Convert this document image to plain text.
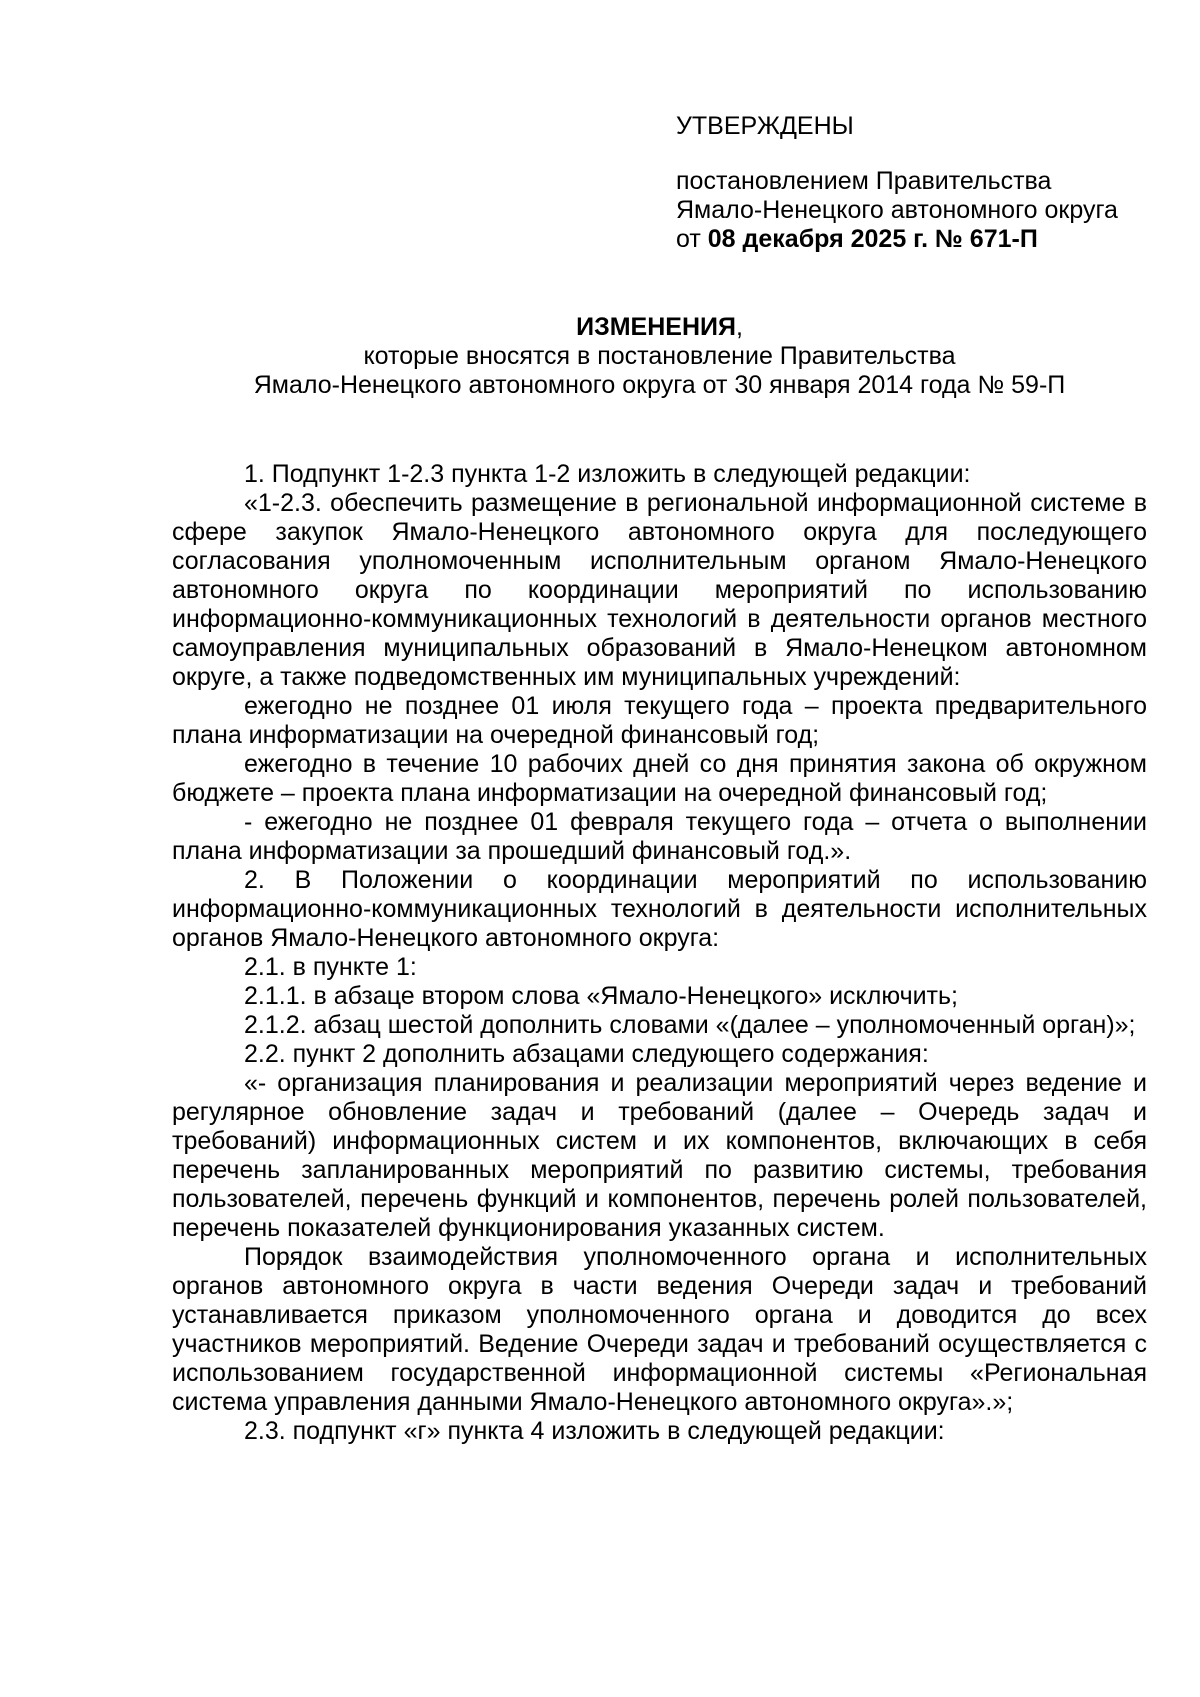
УТВЕРЖДЕНЫ
постановлением Правительства
Ямало-Ненецкого автономного округа
от 08 декабря 2025 г. № 671-П
ИЗМЕНЕНИЯ,
которые вносятся в постановление Правительства
Ямало-Ненецкого автономного округа от 30 января 2014 года № 59-П

1. Подпункт 1-2.3 пункта 1-2 изложить в следующей редакции:

«1-2.3. обеспечить размещение в региональной информационной системе в сфере закупок Ямало-Ненецкого автономного округа для последующего согласования уполномоченным исполнительным органом Ямало-Ненецкого автономного округа по координации мероприятий по использованию информационно-коммуникационных технологий в деятельности органов местного самоуправления муниципальных образований в Ямало-Ненецком автономном округе, а также подведомственных им муниципальных учреждений:

ежегодно не позднее 01 июля текущего года – проекта предварительного плана информатизации на очередной финансовый год;

ежегодно в течение 10 рабочих дней со дня принятия закона об окружном бюджете – проекта плана информатизации на очередной финансовый год;

- ежегодно не позднее 01 февраля текущего года – отчета о выполнении плана информатизации за прошедший финансовый год.».

2. В Положении о координации мероприятий по использованию информационно-коммуникационных технологий в деятельности исполнительных органов Ямало-Ненецкого автономного округа:

2.1. в пункте 1:

2.1.1. в абзаце втором слова «Ямало-Ненецкого» исключить;

2.1.2. абзац шестой дополнить словами «(далее – уполномоченный орган)»;

2.2. пункт 2 дополнить абзацами следующего содержания:

«- организация планирования и реализации мероприятий через ведение и регулярное обновление задач и требований (далее – Очередь задач и требований) информационных систем и их компонентов, включающих в себя перечень запланированных мероприятий по развитию системы, требования пользователей, перечень функций и компонентов, перечень ролей пользователей, перечень показателей функционирования указанных систем.

Порядок взаимодействия уполномоченного органа и исполнительных органов автономного округа в части ведения Очереди задач и требований устанавливается приказом уполномоченного органа и доводится до всех участников мероприятий. Ведение Очереди задач и требований осуществляется с использованием государственной информационной системы «Региональная система управления данными Ямало-Ненецкого автономного округа».»;

2.3. подпункт «г» пункта 4 изложить в следующей редакции:
